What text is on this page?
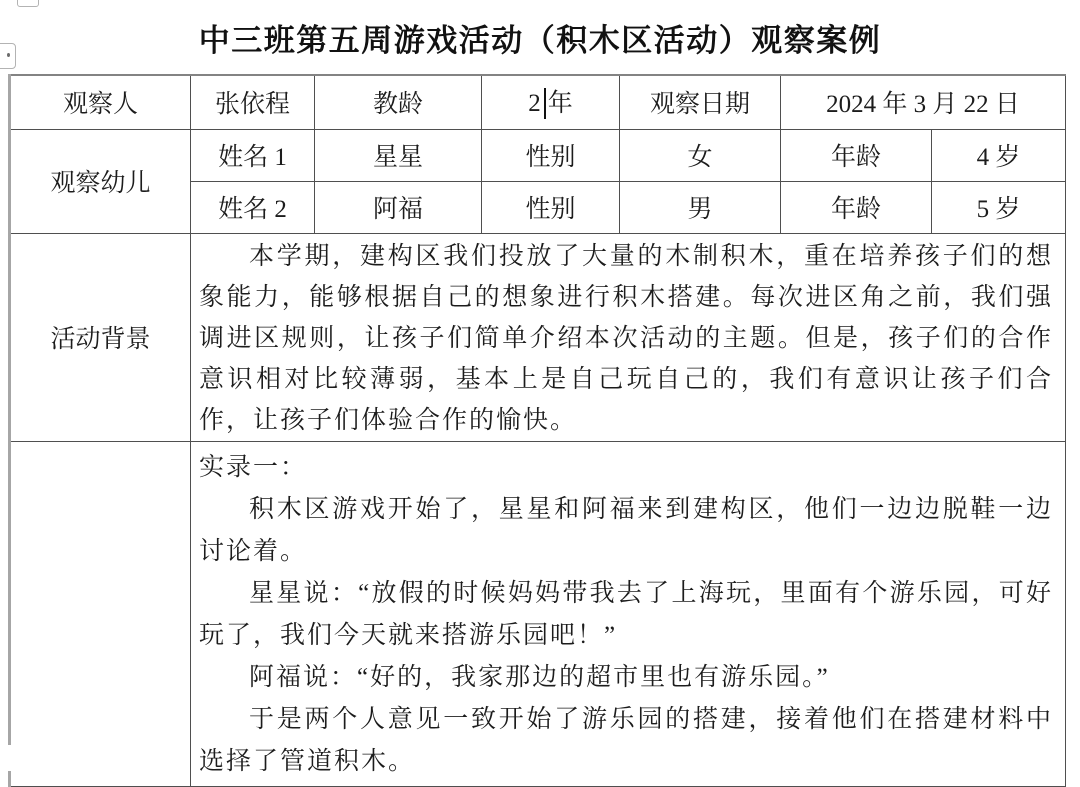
中三班第五周游戏活动（积木区活动）观察案例
观察人	张依程	教龄	2 年	观察日期	2024 年 3 月 22 日	
观察幼儿	姓名 1	星星	性别	女	年龄	4 岁
	姓名 2	阿福	性别	男	年龄	5 岁
活动背景	本学期，建构区我们投放了大量的木制积木，重在培养孩子们的想象能力，能够根据自己的想象进行积木搭建。每次进区角之前，我们强调进区规则，让孩子们简单介绍本次活动的主题。但是，孩子们的合作意识相对比较薄弱，基本上是自己玩自己的，我们有意识让孩子们合作，让孩子们体验合作的愉快。					

	实录一：

积木区游戏开始了，星星和阿福来到建构区，他们一边边脱鞋一边讨论着。

星星说：“放假的时候妈妈带我去了上海玩，里面有个游乐园，可好玩了，我们今天就来搭游乐园吧！”

阿福说：“好的，我家那边的超市里也有游乐园。”

于是两个人意见一致开始了游乐园的搭建，接着他们在搭建材料中选择了管道积木。					
